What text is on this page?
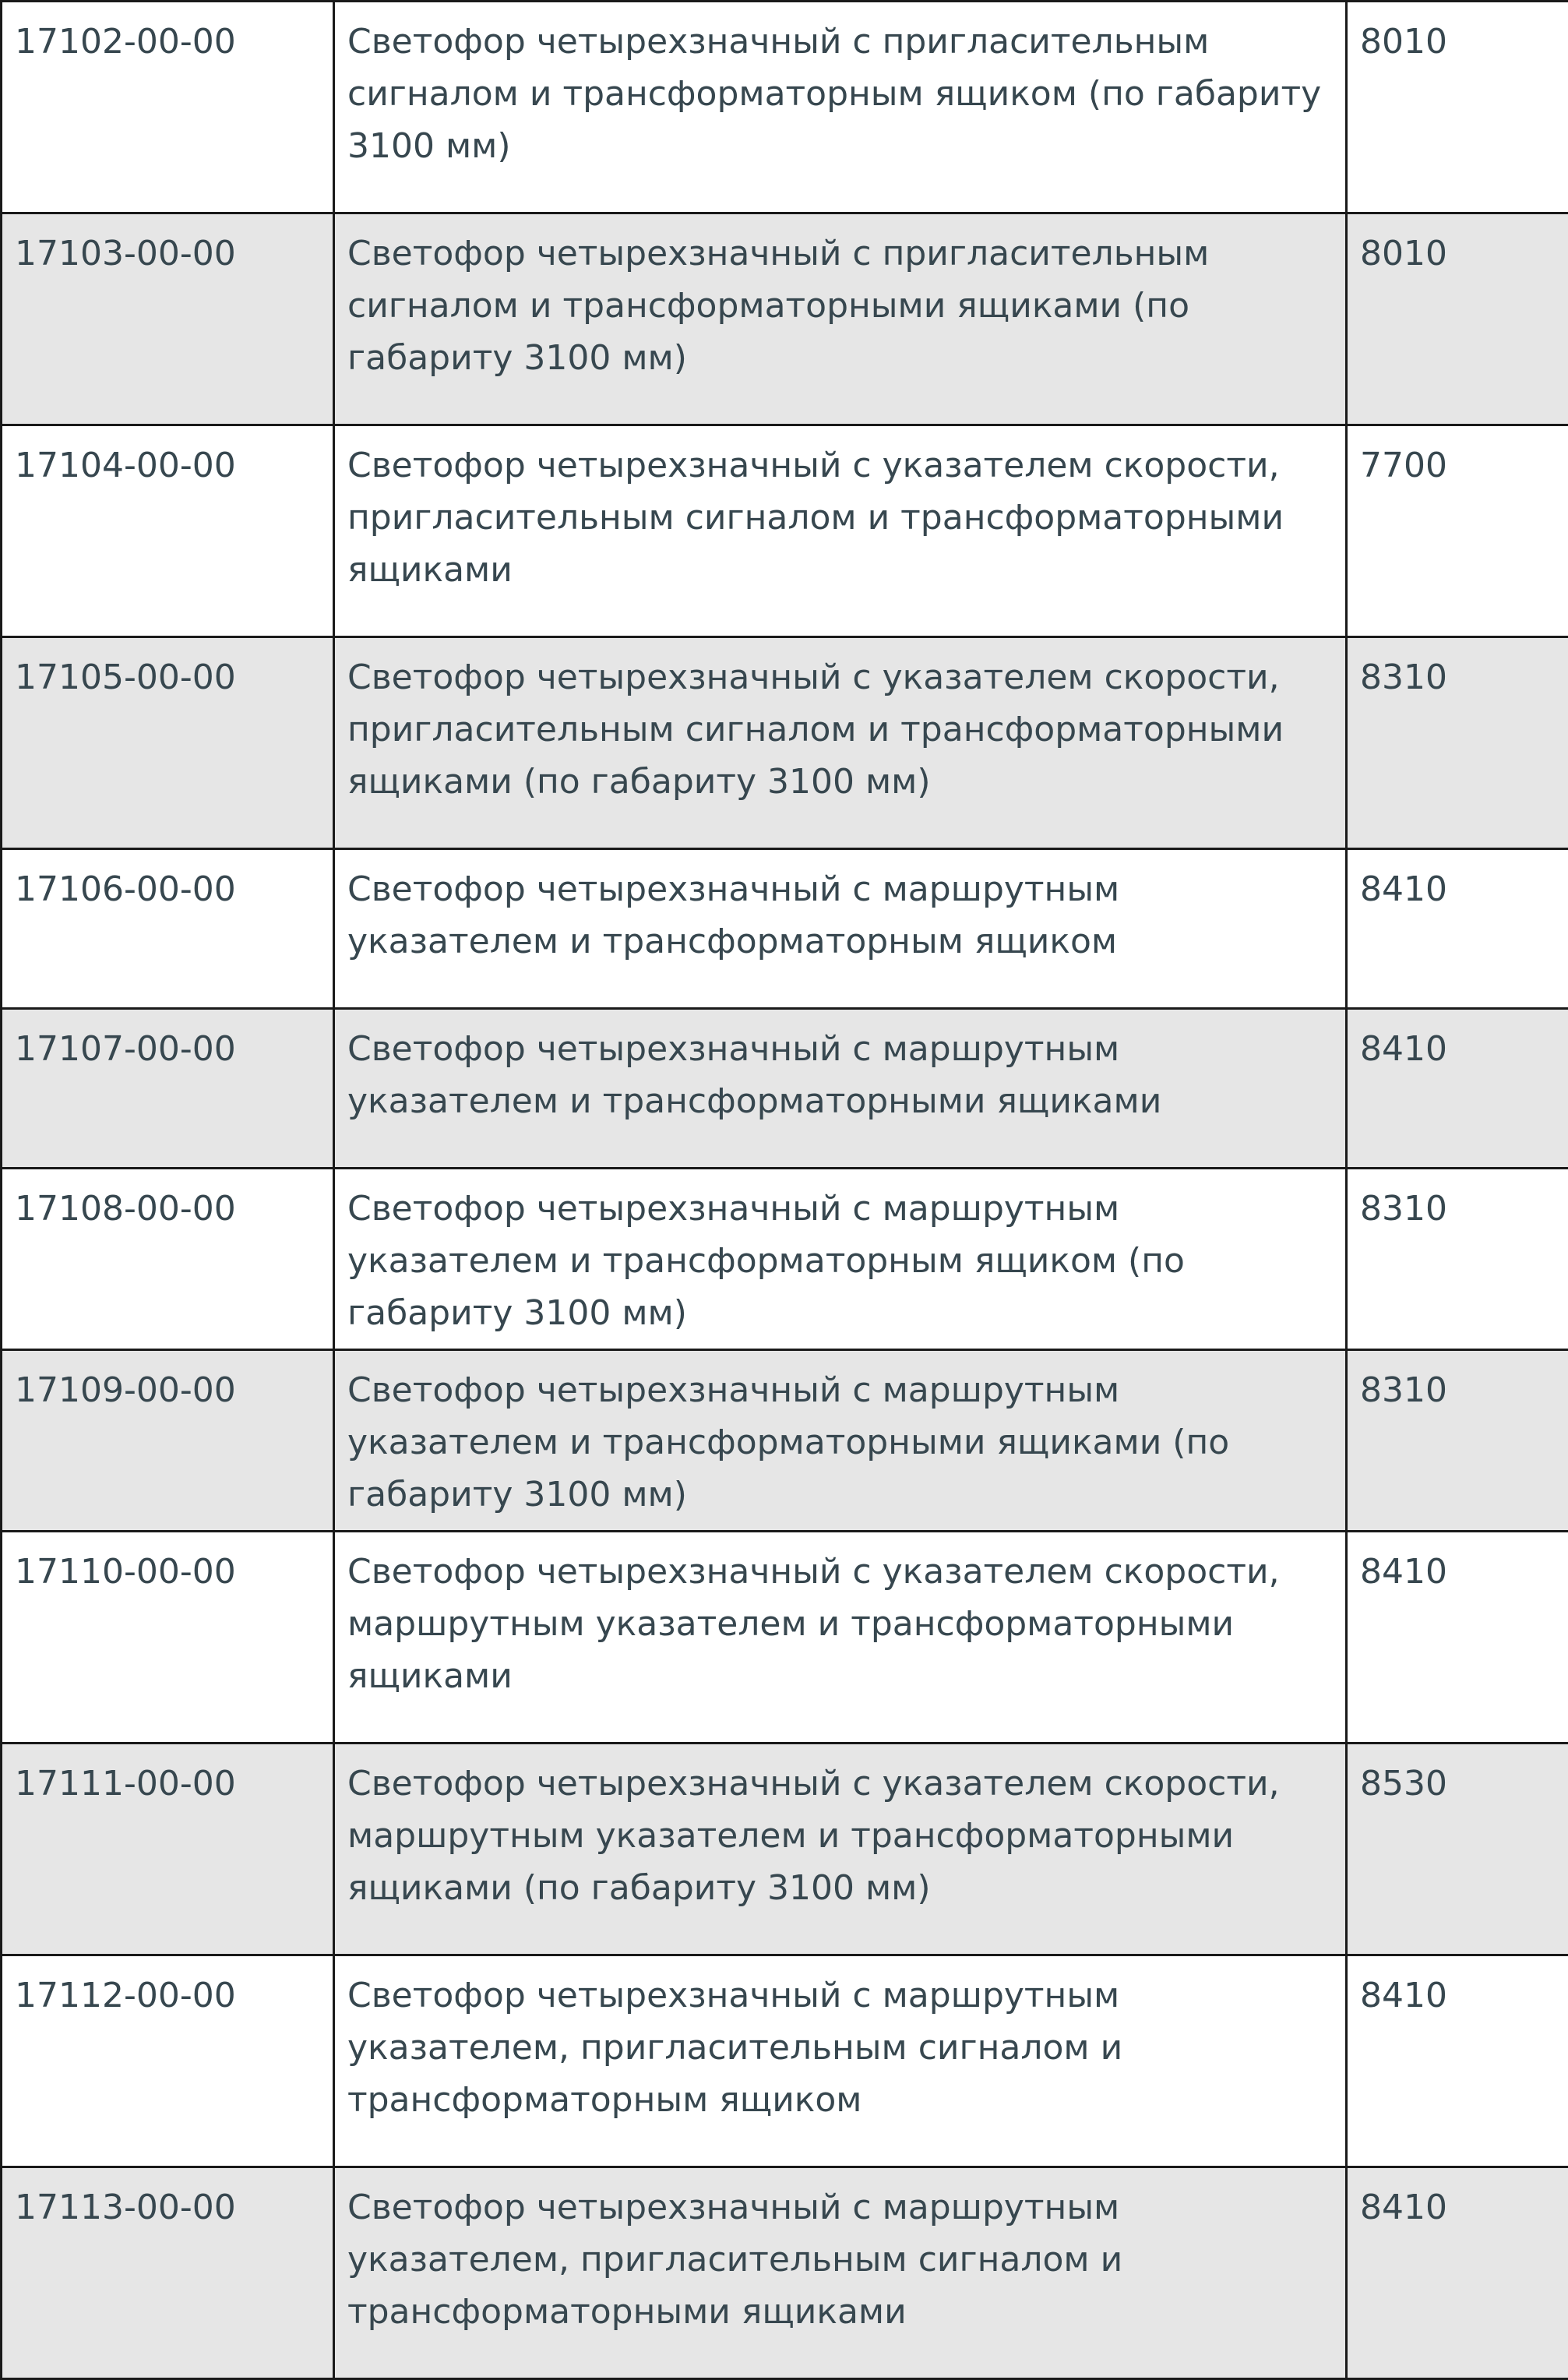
17102-00-00	Светофор четырехзначный с пригласительным сигналом и трансформаторным ящиком (по габариту 3100 мм)	8010
17103-00-00	Светофор четырехзначный с пригласительным сигналом и трансформаторными ящиками (по габариту 3100 мм)	8010
17104-00-00	Светофор четырехзначный с указателем скорости, пригласительным сигналом и трансформаторными ящиками	7700
17105-00-00	Светофор четырехзначный с указателем скорости, пригласительным сигналом и трансформаторными ящиками (по габариту 3100 мм)	8310
17106-00-00	Светофор четырехзначный с маршрутным указателем и трансформаторным ящиком	8410
17107-00-00	Светофор четырехзначный с маршрутным указателем и трансформаторными ящиками	8410
17108-00-00	Светофор четырехзначный с маршрутным указателем и трансформаторным ящиком (по габариту 3100 мм)	8310
17109-00-00	Светофор четырехзначный с маршрутным указателем и трансформаторными ящиками (по габариту 3100 мм)	8310
17110-00-00	Светофор четырехзначный с указателем скорости, маршрутным указателем и трансформаторными ящиками	8410
17111-00-00	Светофор четырехзначный с указателем скорости, маршрутным указателем и трансформаторными ящиками (по габариту 3100 мм)	8530
17112-00-00	Светофор четырехзначный с маршрутным указателем, пригласительным сигналом и трансформаторным ящиком	8410
17113-00-00	Светофор четырехзначный с маршрутным указателем, пригласительным сигналом и трансформаторными ящиками	8410
